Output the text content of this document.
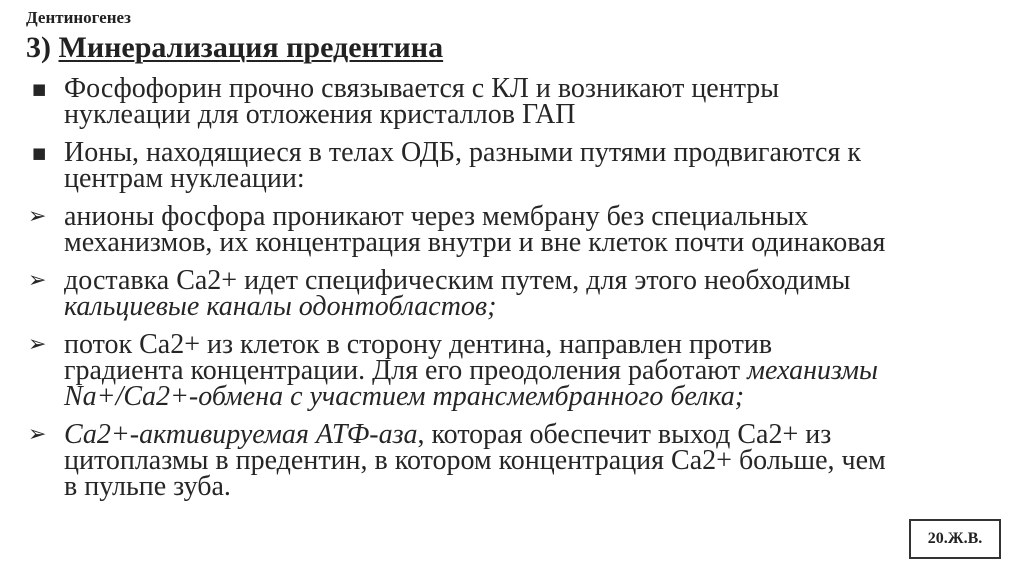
Дентиногенез
3) Минерализация предентина
■ Фосфофорин прочно связывается с КЛ и возникают центры
нуклеации для отложения кристаллов ГАП
■ Ионы, находящиеся в телах ОДБ, разными путями продвигаются к
центрам нуклеации:
➢ анионы фосфора проникают через мембрану без специальных
механизмов, их концентрация внутри и вне клеток почти одинаковая
➢ доставка Са2+ идет специфическим путем, для этого необходимы
кальциевые каналы одонтобластов;
➢ поток Са2+ из клеток в сторону дентина, направлен против
градиента концентрации. Для его преодоления работают механизмы
Na+/Ca2+-обмена с участием трансмембранного белка;
➢ Са2+-активируемая АТФ-аза, которая обеспечит выход Са2+ из
цитоплазмы в предентин, в котором концентрация Са2+ больше, чем
в пульпе зуба.
20.Ж.В.
